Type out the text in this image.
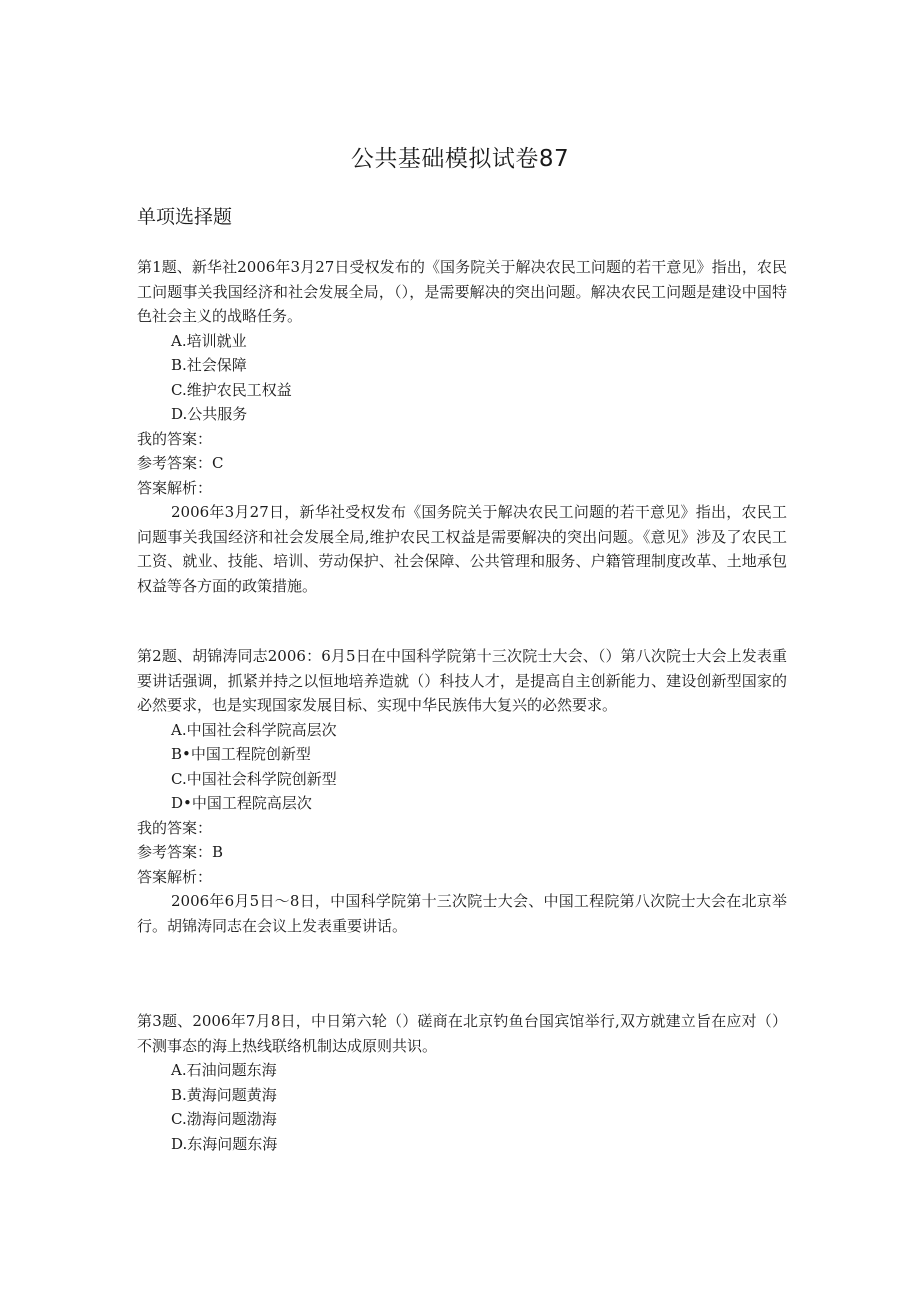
公共基础模拟试卷87
单项选择题
第1题、新华社2006年3月27日受权发布的《国务院关于解决农民工问题的若干意见》指出，农民工问题事关我国经济和社会发展全局，（），是需要解决的突出问题。解决农民工问题是建设中国特色社会主义的战略任务。
A.培训就业
B.社会保障
C.维护农民工权益
D.公共服务
我的答案：
参考答案：C
答案解析：
2006年3月27日，新华社受权发布《国务院关于解决农民工问题的若干意见》指出，农民工问题事关我国经济和社会发展全局,维护农民工权益是需要解决的突出问题。《意见》涉及了农民工工资、就业、技能、培训、劳动保护、社会保障、公共管理和服务、户籍管理制度改革、土地承包权益等各方面的政策措施。
第2题、胡锦涛同志2006：6月5日在中国科学院第十三次院士大会、（）第八次院士大会上发表重要讲话强调，抓紧并持之以恒地培养造就（）科技人才，是提高自主创新能力、建设创新型国家的必然要求，也是实现国家发展目标、实现中华民族伟大复兴的必然要求。
A.中国社会科学院高层次
B•中国工程院创新型
C.中国社会科学院创新型
D•中国工程院高层次
我的答案：
参考答案：B
答案解析：
2006年6月5日～8日，中国科学院第十三次院士大会、中国工程院第八次院士大会在北京举行。胡锦涛同志在会议上发表重要讲话。
第3题、2006年7月8日，中日第六轮（）磋商在北京钓鱼台国宾馆举行,双方就建立旨在应对（）不测事态的海上热线联络机制达成原则共识。
A.石油问题东海
B.黄海问题黄海
C.渤海问题渤海
D.东海问题东海
